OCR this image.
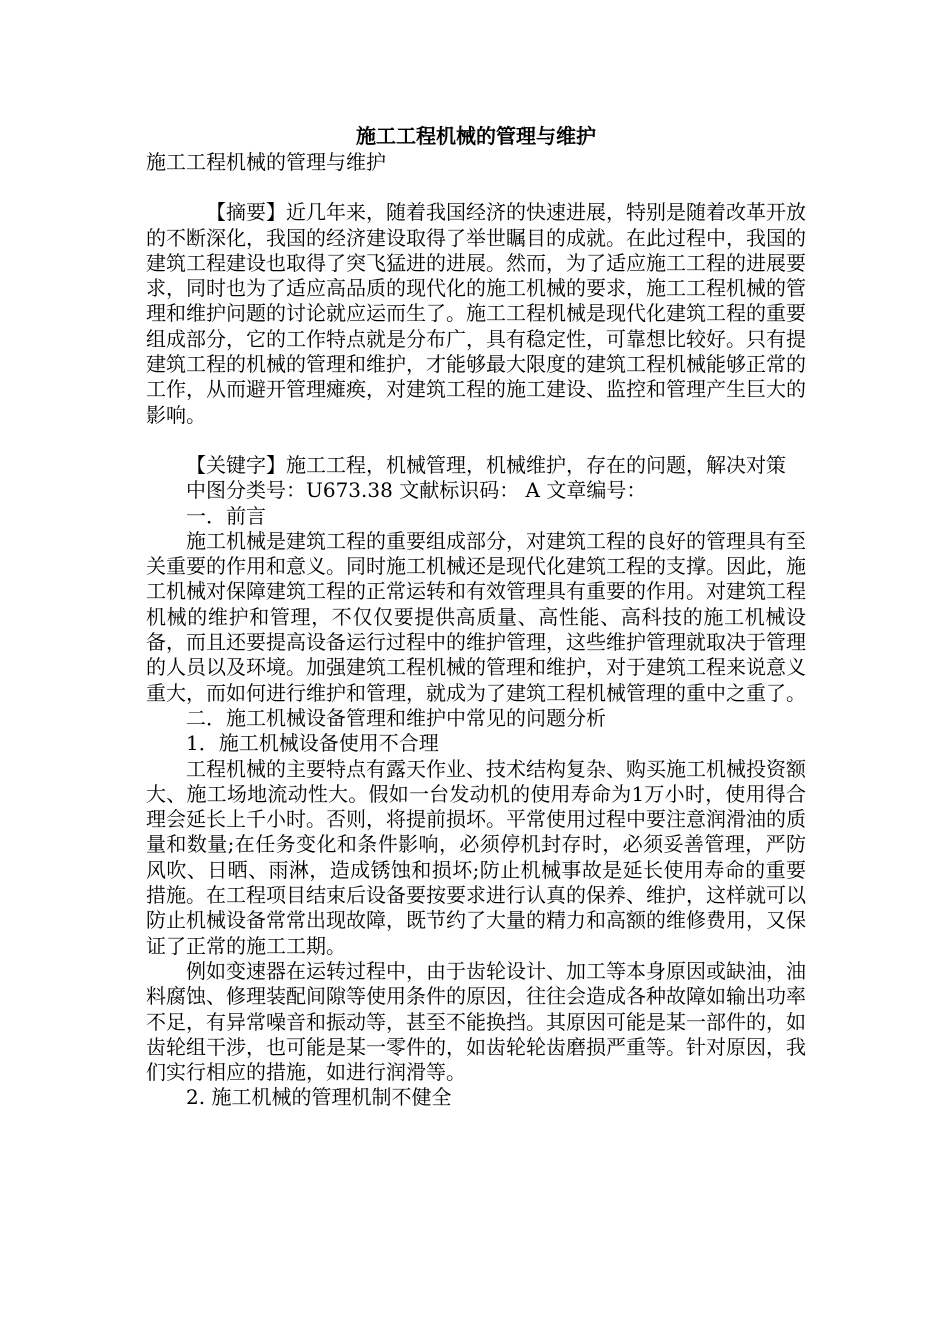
施工工程机械的管理与维护

施工工程机械的管理与维护

【摘要】近几年来，随着我国经济的快速进展，特别是随着改革开放的不断深化，我国的经济建设取得了举世瞩目的成就。在此过程中，我国的建筑工程建设也取得了突飞猛进的进展。然而，为了适应施工工程的进展要求，同时也为了适应高品质的现代化的施工机械的要求，施工工程机械的管理和维护问题的讨论就应运而生了。施工工程机械是现代化建筑工程的重要组成部分，它的工作特点就是分布广，具有稳定性，可靠想比较好。只有提建筑工程的机械的管理和维护，才能够最大限度的建筑工程机械能够正常的工作，从而避开管理瘫痪，对建筑工程的施工建设、监控和管理产生巨大的影响。

【关键字】施工工程，机械管理，机械维护，存在的问题，解决对策

中图分类号：U673.38 文献标识码： A 文章编号：

一．前言

施工机械是建筑工程的重要组成部分，对建筑工程的良好的管理具有至关重要的作用和意义。同时施工机械还是现代化建筑工程的支撑。因此，施工机械对保障建筑工程的正常运转和有效管理具有重要的作用。对建筑工程机械的维护和管理，不仅仅要提供高质量、高性能、高科技的施工机械设备，而且还要提高设备运行过程中的维护管理，这些维护管理就取决于管理的人员以及环境。加强建筑工程机械的管理和维护，对于建筑工程来说意义重大，而如何进行维护和管理，就成为了建筑工程机械管理的重中之重了。

二．施工机械设备管理和维护中常见的问题分析

1．施工机械设备使用不合理

工程机械的主要特点有露天作业、技术结构复杂、购买施工机械投资额大、施工场地流动性大。假如一台发动机的使用寿命为1万小时，使用得合理会延长上千小时。否则，将提前损坏。平常使用过程中要注意润滑油的质量和数量;在任务变化和条件影响，必须停机封存时，必须妥善管理，严防风吹、日晒、雨淋，造成锈蚀和损坏;防止机械事故是延长使用寿命的重要措施。在工程项目结束后设备要按要求进行认真的保养、维护，这样就可以防止机械设备常常出现故障，既节约了大量的精力和高额的维修费用，又保证了正常的施工工期。

例如变速器在运转过程中，由于齿轮设计、加工等本身原因或缺油，油料腐蚀、修理装配间隙等使用条件的原因，往往会造成各种故障如输出功率不足，有异常噪音和振动等，甚至不能换挡。其原因可能是某一部件的，如齿轮组干涉，也可能是某一零件的，如齿轮轮齿磨损严重等。针对原因，我们实行相应的措施，如进行润滑等。

2. 施工机械的管理机制不健全
